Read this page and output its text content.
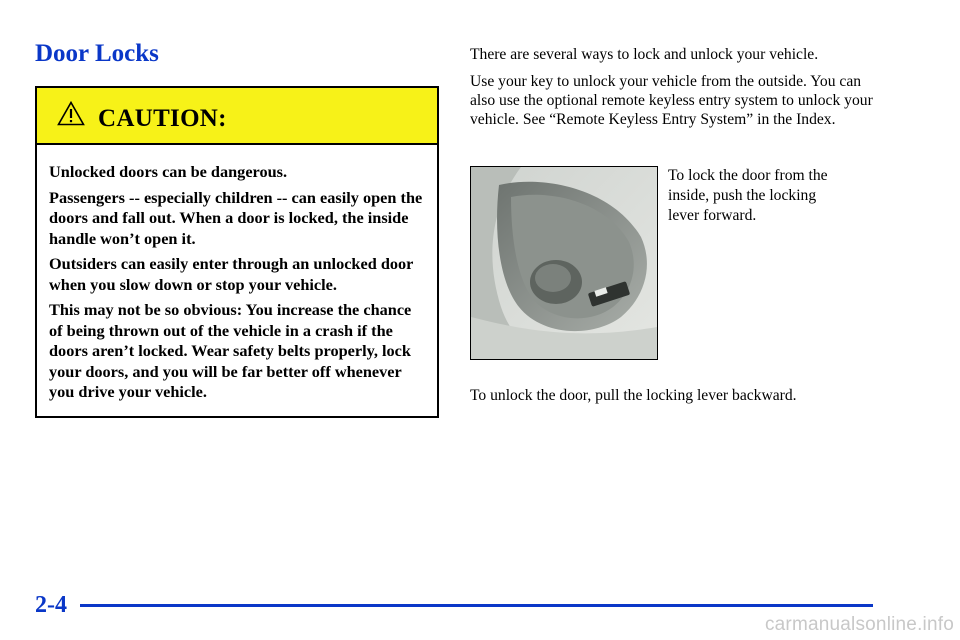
Door Locks
CAUTION:

Unlocked doors can be dangerous.

Passengers -- especially children -- can easily open the doors and fall out. When a door is locked, the inside handle won’t open it.

Outsiders can easily enter through an unlocked door when you slow down or stop your vehicle.

This may not be so obvious: You increase the chance of being thrown out of the vehicle in a crash if the doors aren’t locked. Wear safety belts properly, lock your doors, and you will be far better off whenever you drive your vehicle.

There are several ways to lock and unlock your vehicle.

Use your key to unlock your vehicle from the outside. You can also use the optional remote keyless entry system to unlock your vehicle. See “Remote Keyless Entry System” in the Index.

To lock the door from the inside, push the locking lever forward.
To unlock the door, pull the locking lever backward.
2-4
carmanualsonline.info
